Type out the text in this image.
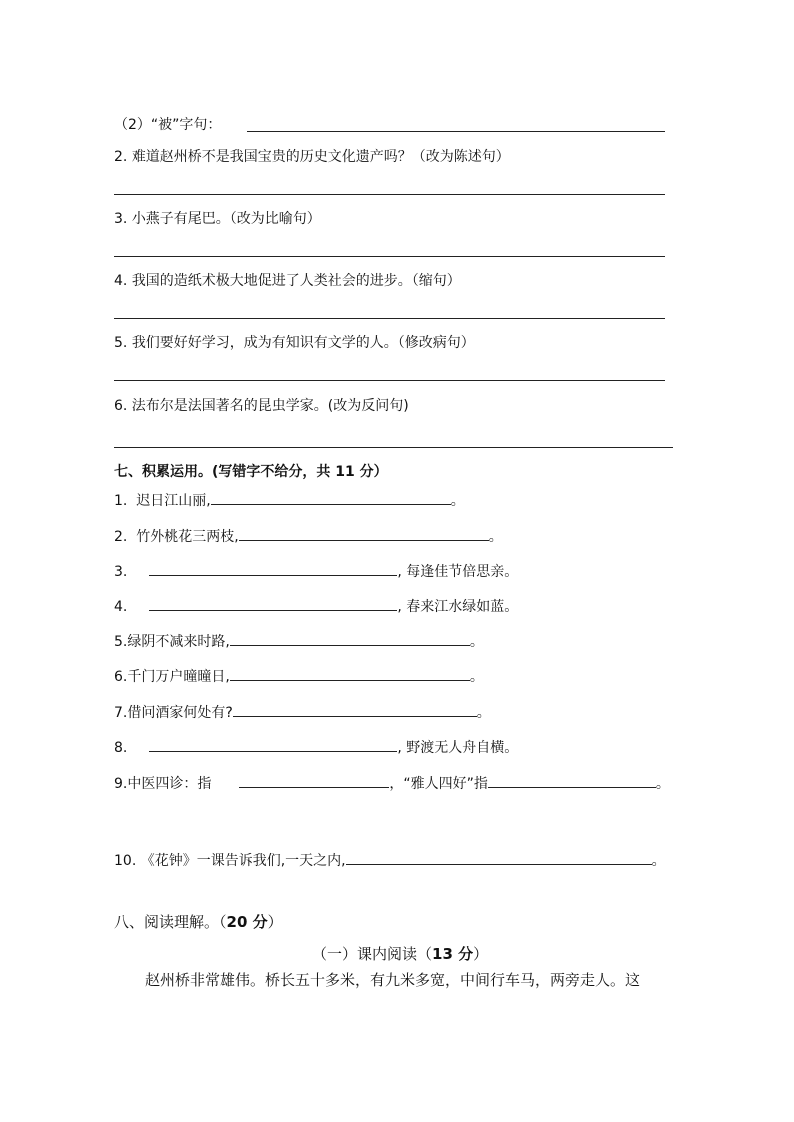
（2）“被”字句：
2. 难道赵州桥不是我国宝贵的历史文化遗产吗？（改为陈述句）
3. 小燕子有尾巴。（改为比喻句）
4. 我国的造纸术极大地促进了人类社会的进步。（缩句）
5. 我们要好好学习，成为有知识有文学的人。（修改病句）
6. 法布尔是法国著名的昆虫学家。(改为反问句)
七、积累运用。(写错字不给分，共 11 分）
1. 迟日江山丽,	。
2. 竹外桃花三两枝,	。
3.	, 每逢佳节倍思亲。
4.	, 春来江水绿如蓝。
5.绿阴不减来时路,	。
6.千门万户曈曈日,	。
7.借问酒家何处有?	。
8.	, 野渡无人舟自横。
9.中医四诊：指	，“雅人四好”指	。
10. 《花钟》一课告诉我们,一天之内,	。
八、阅读理解。（20 分）
（一）课内阅读（13 分）
赵州桥非常雄伟。桥长五十多米，有九米多宽，中间行车马，两旁走人。这
